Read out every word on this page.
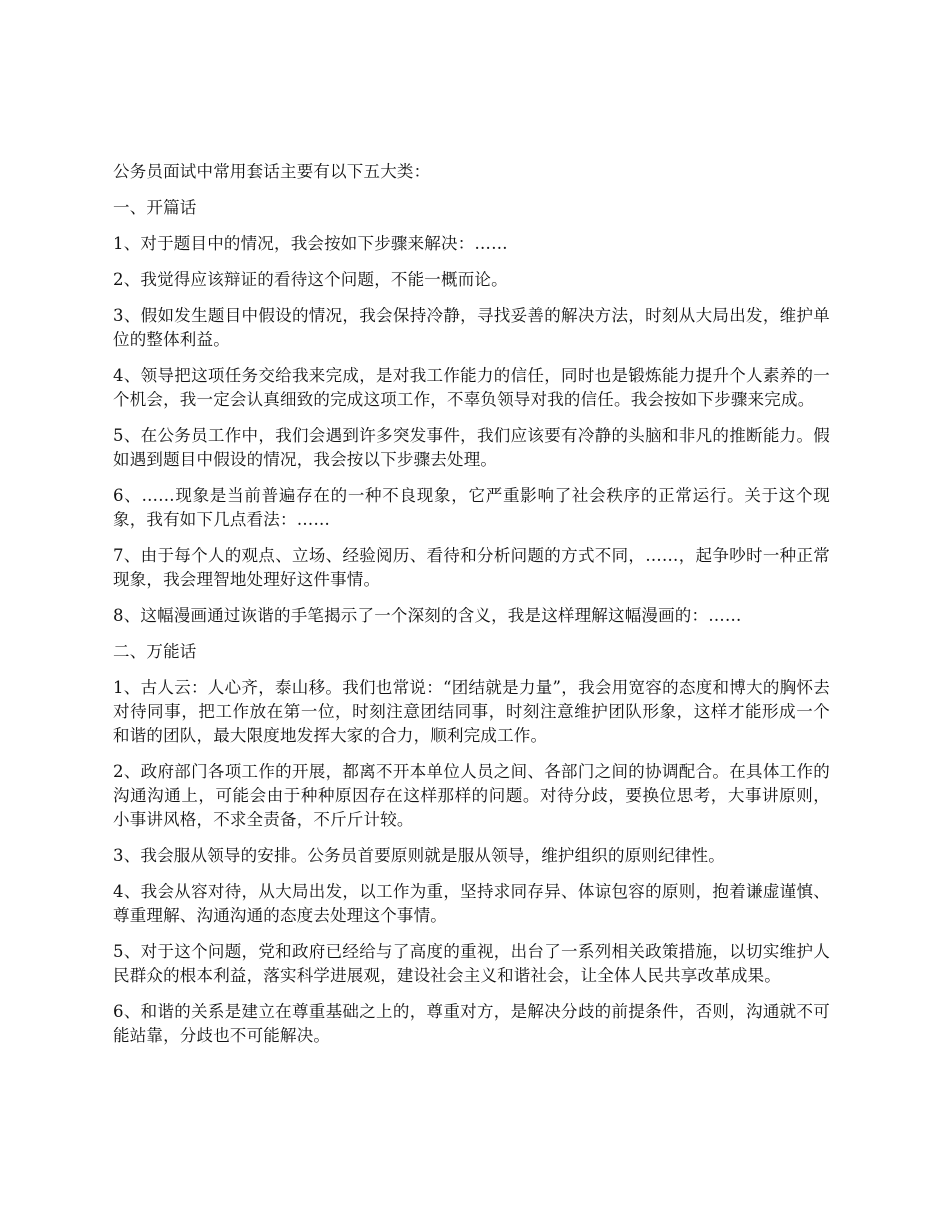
公务员面试中常用套话主要有以下五大类：

一、开篇话

1、对于题目中的情况，我会按如下步骤来解决：……

2、我觉得应该辩证的看待这个问题，不能一概而论。

3、假如发生题目中假设的情况，我会保持冷静，寻找妥善的解决方法，时刻从大局出发，维护单位的整体利益。

4、领导把这项任务交给我来完成，是对我工作能力的信任，同时也是锻炼能力提升个人素养的一个机会，我一定会认真细致的完成这项工作，不辜负领导对我的信任。我会按如下步骤来完成。

5、在公务员工作中，我们会遇到许多突发事件，我们应该要有冷静的头脑和非凡的推断能力。假如遇到题目中假设的情况，我会按以下步骤去处理。

6、……现象是当前普遍存在的一种不良现象，它严重影响了社会秩序的正常运行。关于这个现象，我有如下几点看法：……

7、由于每个人的观点、立场、经验阅历、看待和分析问题的方式不同，……，起争吵时一种正常现象，我会理智地处理好这件事情。

8、这幅漫画通过诙谐的手笔揭示了一个深刻的含义，我是这样理解这幅漫画的：……

二、万能话

1、古人云：人心齐，泰山移。我们也常说：“团结就是力量”，我会用宽容的态度和博大的胸怀去对待同事，把工作放在第一位，时刻注意团结同事，时刻注意维护团队形象，这样才能形成一个和谐的团队，最大限度地发挥大家的合力，顺利完成工作。

2、政府部门各项工作的开展，都离不开本单位人员之间、各部门之间的协调配合。在具体工作的沟通沟通上，可能会由于种种原因存在这样那样的问题。对待分歧，要换位思考，大事讲原则，小事讲风格，不求全责备，不斤斤计较。

3、我会服从领导的安排。公务员首要原则就是服从领导，维护组织的原则纪律性。

4、我会从容对待，从大局出发，以工作为重，坚持求同存异、体谅包容的原则，抱着谦虚谨慎、尊重理解、沟通沟通的态度去处理这个事情。

5、对于这个问题，党和政府已经给与了高度的重视，出台了一系列相关政策措施，以切实维护人民群众的根本利益，落实科学进展观，建设社会主义和谐社会，让全体人民共享改革成果。

6、和谐的关系是建立在尊重基础之上的，尊重对方，是解决分歧的前提条件，否则，沟通就不可能站靠，分歧也不可能解决。
